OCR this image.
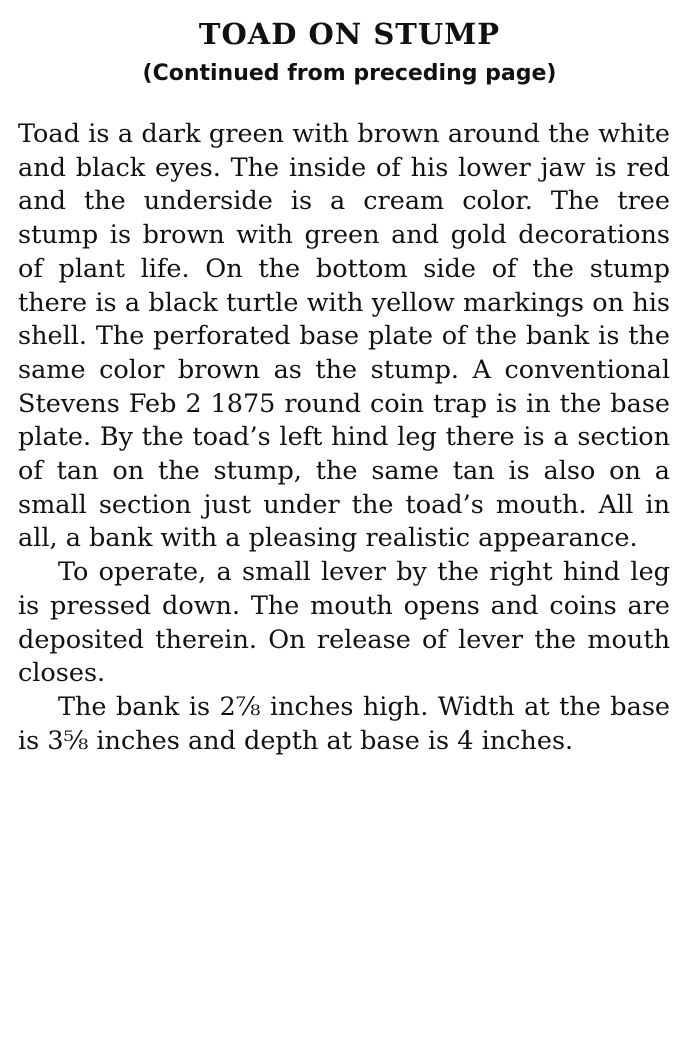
TOAD ON STUMP
(Continued from preceding page)

Toad is a dark green with brown around the white and black eyes. The inside of his lower jaw is red and the underside is a cream color. The tree stump is brown with green and gold decorations of plant life. On the bottom side of the stump there is a black turtle with yellow markings on his shell. The perforated base plate of the bank is the same color brown as the stump. A conventional Stevens Feb 2 1875 round coin trap is in the base plate. By the toad’s left hind leg there is a section of tan on the stump, the same tan is also on a small section just under the toad’s mouth. All in all, a bank with a pleasing realistic appearance.

To operate, a small lever by the right hind leg is pressed down. The mouth opens and coins are deposited therein. On release of lever the mouth closes.

The bank is 2⅞ inches high. Width at the base is 3⅝ inches and depth at base is 4 inches.
